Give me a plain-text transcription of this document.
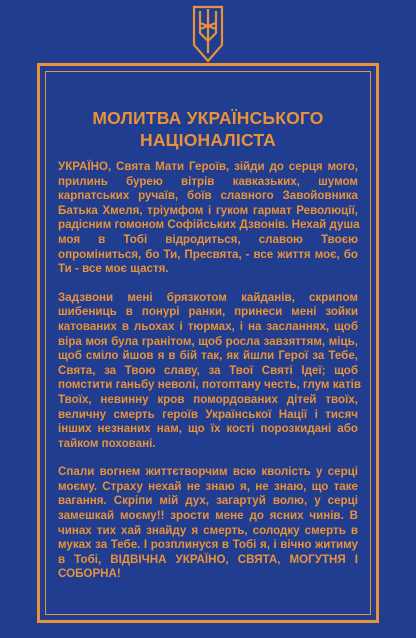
МОЛИТВА УКРАЇНСЬКОГО
НАЦІОНАЛІСТА
УКРАЇНО, Свята Мати Героїв, зійди до серця мого,
прилинь бурею вітрів кавказьких, шумом
карпатських ручаїв, боїв славного Завойовника
Батька Хмеля, тріумфом і гуком гармат Революції,
радісним гомоном Софійських Дзвонів. Нехай душа
моя в Тобі відродиться, славою Твоєю
опроміниться, бо Ти, Пресвята, - все життя моє, бо
Ти - все моє щастя.
Задзвони мені брязкотом кайданів, скрипом
шибениць в понурі ранки, принеси мені зойки
катованих в льохах і тюрмах, і на засланнях, щоб
віра моя була гранітом, щоб росла завзяттям, міць,
щоб сміло йшов я в бій так, як йшли Герої за Тебе,
Свята, за Твою славу, за Твої Святі Ідеї; щоб
помстити ганьбу неволі, потоптану честь, глум катів
Твоїх, невинну кров помордованих дітей твоїх,
величну смерть героїв Української Нації і тисяч
інших незнаних нам, що їх кості порозкидані або
тайком поховані.
Спали вогнем життєтворчим всю кволість у серці
моєму. Страху нехай не знаю я, не знаю, що таке
вагання. Скріпи мій дух, загартуй волю, у серці
замешкай моєму!! зрости мене до ясних чинів. В
чинах тих хай знайду я смерть, солодку смерть в
муках за Тебе. І розплинуся в Тобі я, і вічно житиму
в Тобі, ВІДВІЧНА УКРАЇНО, СВЯТА, МОГУТНЯ І
СОБОРНА!
